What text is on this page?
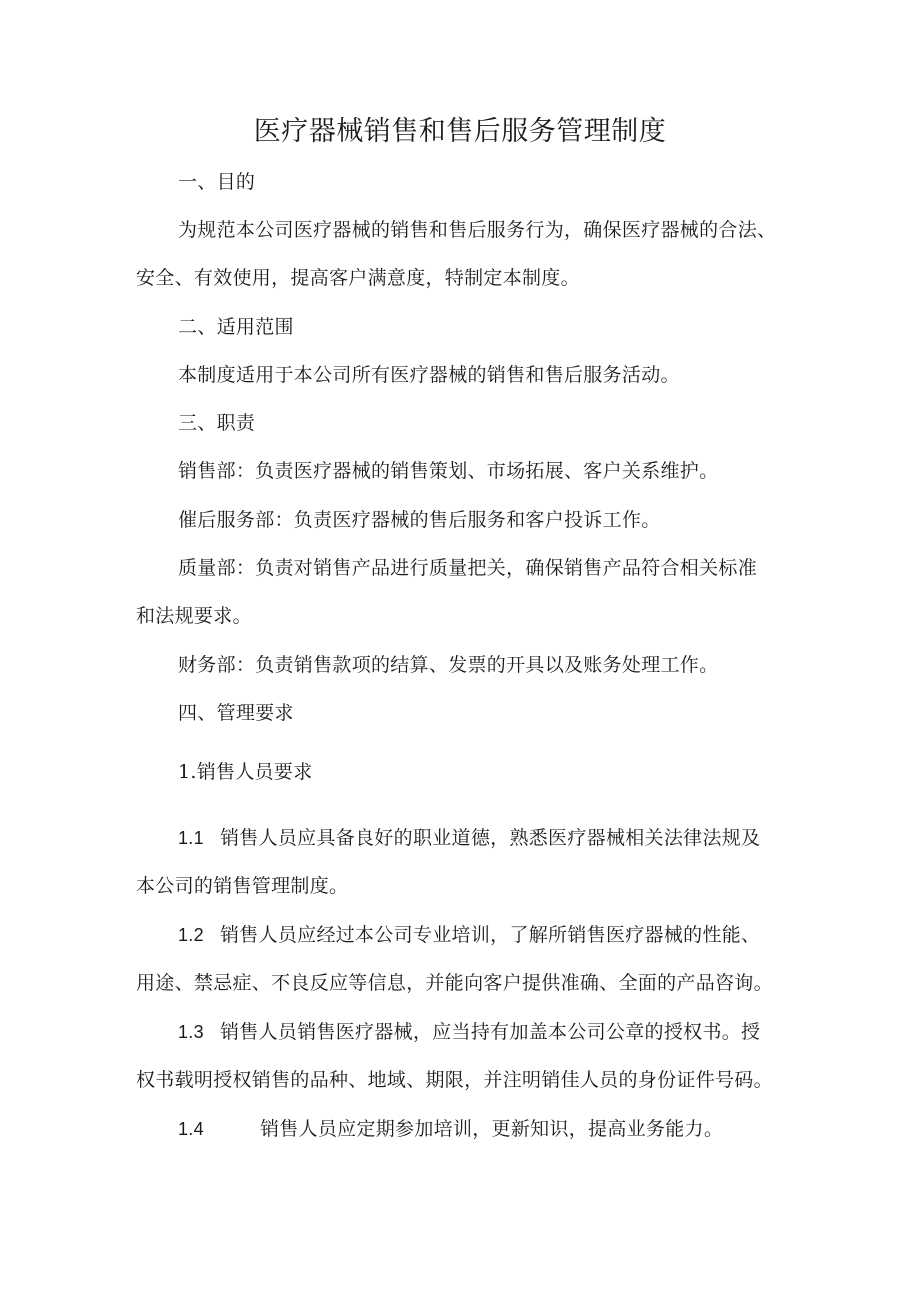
医疗器械销售和售后服务管理制度

一、目的

为规范本公司医疗器械的销售和售后服务行为，确保医疗器械的合法、

安全、有效使用，提高客户满意度，特制定本制度。

二、适用范围

本制度适用于本公司所有医疗器械的销售和售后服务活动。

三、职责

销售部：负责医疗器械的销售策划、市场拓展、客户关系维护。

催后服务部：负责医疗器械的售后服务和客户投诉工作。

质量部：负责对销售产品进行质量把关，确保销售产品符合相关标准

和法规要求。

财务部：负责销售款项的结算、发票的开具以及账务处理工作。

四、管理要求

1.销售人员要求

1.1 销售人员应具备良好的职业道德，熟悉医疗器械相关法律法规及

本公司的销售管理制度。

1.2 销售人员应经过本公司专业培训，了解所销售医疗器械的性能、

用途、禁忌症、不良反应等信息，并能向客户提供准确、全面的产品咨询。

1.3 销售人员销售医疗器械，应当持有加盖本公司公章的授权书。授

权书载明授权销售的品种、地域、期限，并注明销佳人员的身份证件号码。

1.4	销售人员应定期参加培训，更新知识，提高业务能力。
